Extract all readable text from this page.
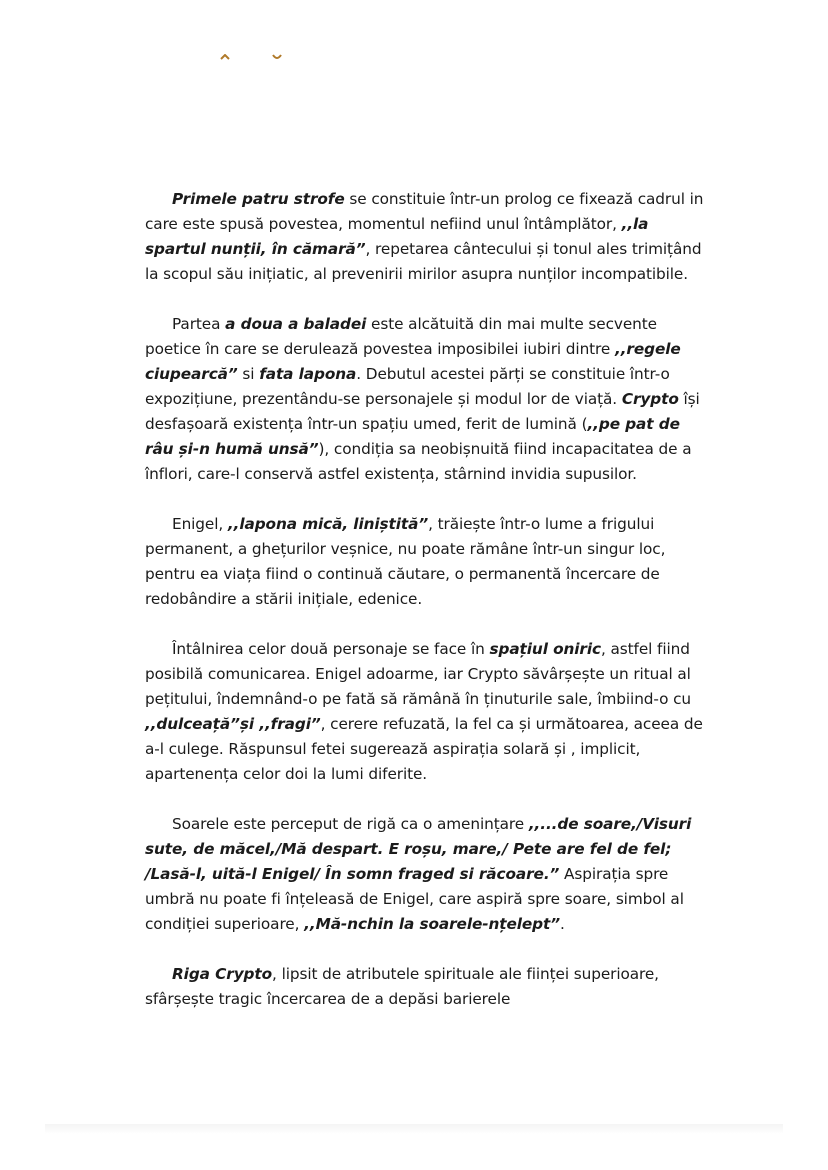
Primele patru strofe se constituie într-un prolog ce fixează cadrul in care este spusă povestea, momentul nefiind unul întâmplător, ,,la spartul nunții, în cămară”, repetarea cântecului și tonul ales trimițând la scopul său inițiatic, al prevenirii mirilor asupra nunților incompatibile.

Partea a doua a baladei este alcătuită din mai multe secvente poetice în care se derulează povestea imposibilei iubiri dintre ,,regele ciupearcă” si fata lapona. Debutul acestei părți se constituie într-o expozițiune, prezentându-se personajele și modul lor de viață. Crypto își desfașoară existența într-un spațiu umed, ferit de lumină (,,pe pat de râu și-n humă unsă”), condiția sa neobișnuită fiind incapacitatea de a înflori, care-l conservă astfel existența, stârnind invidia supusilor.

Enigel, ,,lapona mică, liniștită”, trăiește într-o lume a frigului permanent, a ghețurilor veșnice, nu poate rămâne într-un singur loc, pentru ea viața fiind o continuă căutare, o permanentă încercare de redobândire a stării inițiale, edenice.

Întâlnirea celor două personaje se face în spațiul oniric, astfel fiind posibilă comunicarea. Enigel adoarme, iar Crypto săvârșește un ritual al pețitului, îndemnând-o pe fată să rămână în ținuturile sale, îmbiind-o cu ,,dulceață”și ,,fragi”, cerere refuzată, la fel ca și următoarea, aceea de a-l culege. Răspunsul fetei sugerează aspirația solară și , implicit, apartenența celor doi la lumi diferite.

Soarele este perceput de rigă ca o amenințare ,,...de soare,/Visuri sute, de măcel,/Mă despart. E roșu, mare,/ Pete are fel de fel; /Lasă-l, uită-l Enigel/ În somn fraged si răcoare.” Aspirația spre umbră nu poate fi înțeleasă de Enigel, care aspiră spre soare, simbol al condiției superioare, ,,Mă-nchin la soarele-nțelept”.

Riga Crypto, lipsit de atributele spirituale ale ființei superioare, sfârșește tragic încercarea de a depăsi barierele
